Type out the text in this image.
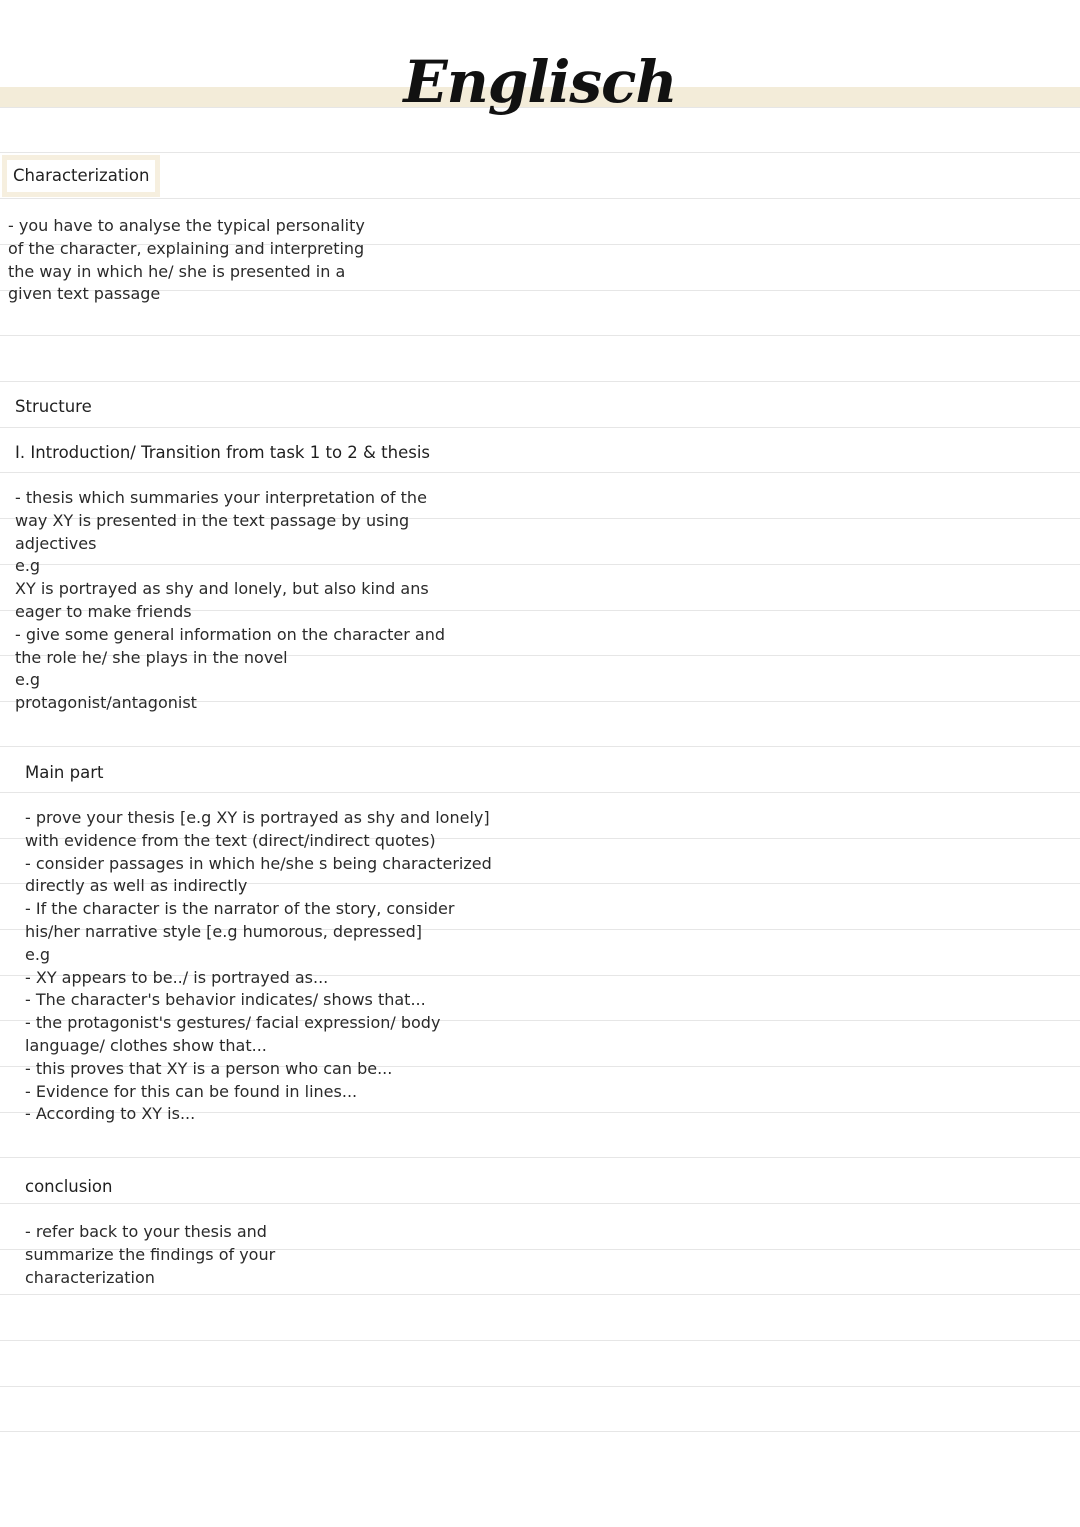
Englisch
Characterization
- you have to analyse the typical personality
of the character, explaining and interpreting
the way in which he/ she is presented in a
given text passage
Structure
I. Introduction/ Transition from task 1 to 2 & thesis
- thesis which summaries your interpretation of the
way XY is presented in the text passage by using
adjectives
e.g
XY is portrayed as shy and lonely, but also kind ans
eager to make friends
- give some general information on the character and
the role he/ she plays in the novel
e.g
protagonist/antagonist
Main part
- prove your thesis [e.g XY is portrayed as shy and lonely]
with evidence from the text (direct/indirect quotes)
- consider passages in which he/she s being characterized
directly as well as indirectly
- If the character is the narrator of the story, consider
his/her narrative style [e.g humorous, depressed]
e.g
- XY appears to be../ is portrayed as...
- The character's behavior indicates/ shows that...
- the protagonist's gestures/ facial expression/ body
language/ clothes show that...
- this proves that XY is a person who can be...
- Evidence for this can be found in lines...
- According to XY is...
conclusion
- refer back to your thesis and
summarize the findings of your
characterization
